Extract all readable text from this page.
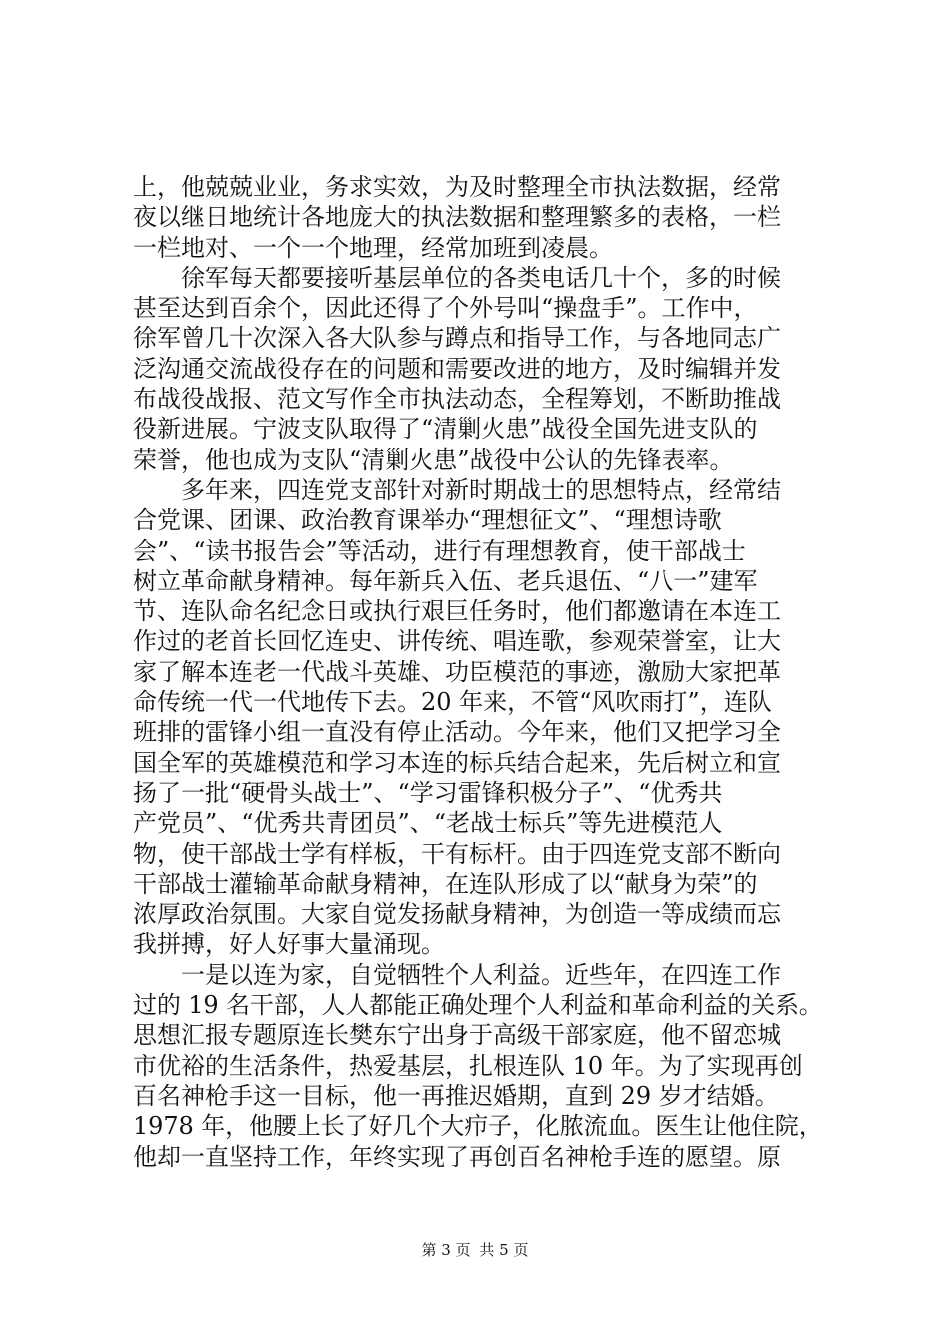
上，他兢兢业业，务求实效，为及时整理全市执法数据，经常
夜以继日地统计各地庞大的执法数据和整理繁多的表格，一栏
一栏地对、一个一个地理，经常加班到凌晨。
　　徐军每天都要接听基层单位的各类电话几十个，多的时候
甚至达到百余个，因此还得了个外号叫“操盘手”。工作中，
徐军曾几十次深入各大队参与蹲点和指导工作，与各地同志广
泛沟通交流战役存在的问题和需要改进的地方，及时编辑并发
布战役战报、范文写作全市执法动态，全程筹划，不断助推战
役新进展。宁波支队取得了“清剿火患”战役全国先进支队的
荣誉，他也成为支队“清剿火患”战役中公认的先锋表率。
　　多年来，四连党支部针对新时期战士的思想特点，经常结
合党课、团课、政治教育课举办“理想征文”、“理想诗歌
会”、“读书报告会”等活动，进行有理想教育，使干部战士
树立革命献身精神。每年新兵入伍、老兵退伍、“八一”建军
节、连队命名纪念日或执行艰巨任务时，他们都邀请在本连工
作过的老首长回忆连史、讲传统、唱连歌，参观荣誉室，让大
家了解本连老一代战斗英雄、功臣模范的事迹，激励大家把革
命传统一代一代地传下去。20 年来，不管“风吹雨打”，连队
班排的雷锋小组一直没有停止活动。今年来，他们又把学习全
国全军的英雄模范和学习本连的标兵结合起来，先后树立和宣
扬了一批“硬骨头战士”、“学习雷锋积极分子”、“优秀共
产党员”、“优秀共青团员”、“老战士标兵”等先进模范人
物，使干部战士学有样板，干有标杆。由于四连党支部不断向
干部战士灌输革命献身精神，在连队形成了以“献身为荣”的
浓厚政治氛围。大家自觉发扬献身精神，为创造一等成绩而忘
我拼搏，好人好事大量涌现。
　　一是以连为家，自觉牺牲个人利益。近些年，在四连工作
过的 19 名干部，人人都能正确处理个人利益和革命利益的关系。
思想汇报专题原连长樊东宁出身于高级干部家庭，他不留恋城
市优裕的生活条件，热爱基层，扎根连队 10 年。为了实现再创
百名神枪手这一目标，他一再推迟婚期，直到 29 岁才结婚。
1978 年，他腰上长了好几个大疖子，化脓流血。医生让他住院，
他却一直坚持工作，年终实现了再创百名神枪手连的愿望。原
第 3 页 共 5 页
